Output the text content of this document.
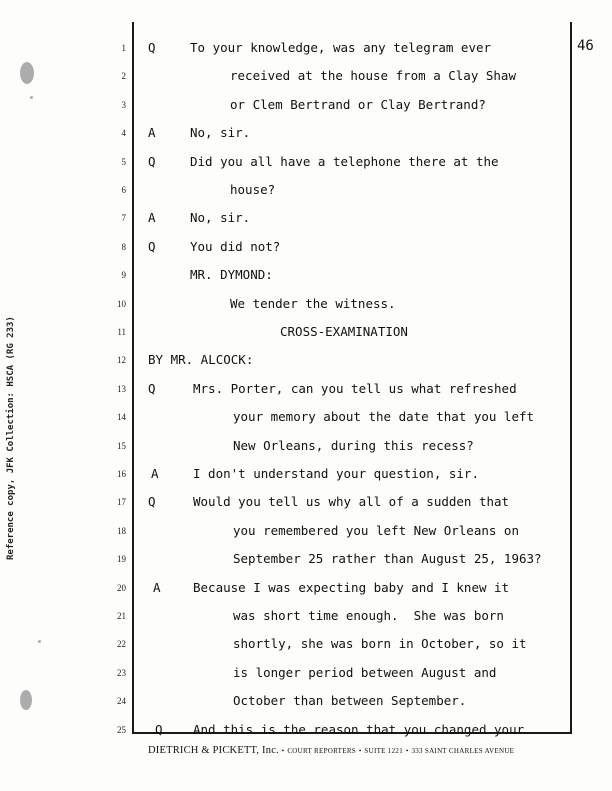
46
Reference copy, JFK Collection: HSCA (RG 233)
1 Q	To your knowledge, was any telegram ever
2	received at the house from a Clay Shaw
3	or Clem Bertrand or Clay Bertrand?
4 A	No, sir.
5 Q	Did you all have a telephone there at the
6	house?
7 A	No, sir.
8 Q	You did not?
9	MR. DYMOND:
10	We tender the witness.
11	CROSS-EXAMINATION
12 BY MR. ALCOCK:
13 Q	Mrs. Porter, can you tell us what refreshed
14	your memory about the date that you left
15	New Orleans, during this recess?
16 A	I don't understand your question, sir.
17 Q	Would you tell us why all of a sudden that
18	you remembered you left New Orleans on
19	September 25 rather than August 25, 1963?
20 A	Because I was expecting baby and I knew it
21	was short time enough.  She was born
22	shortly, she was born in October, so it
23	is longer period between August and
24	October than between September.
25 Q And this is the reason that you changed your
DIETRICH & PICKETT, Inc. • COURT REPORTERS • SUITE 1221 • 333 SAINT CHARLES AVENUE
